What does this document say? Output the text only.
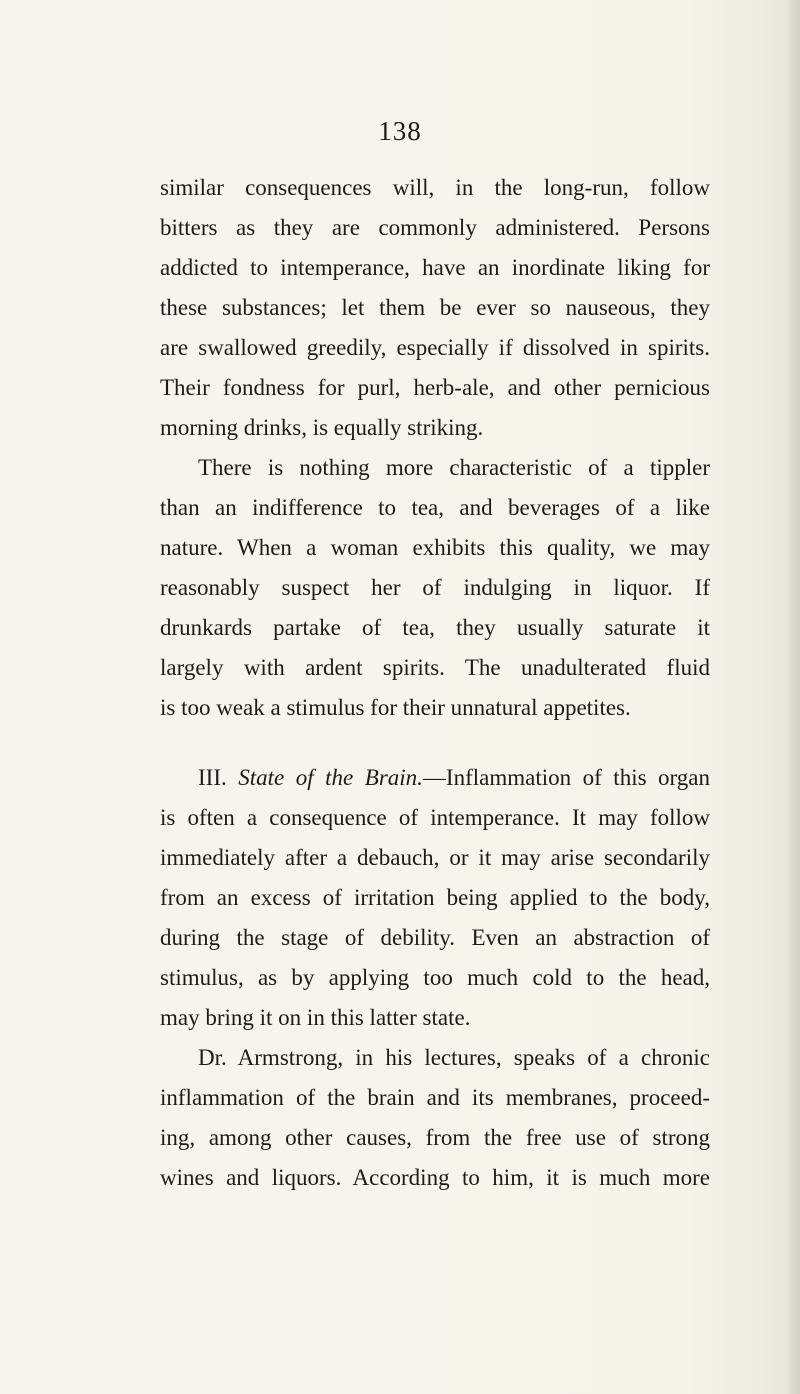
138
similar consequences will, in the long-run, follow
bitters as they are commonly administered. Persons
addicted to intemperance, have an inordinate liking for
these substances; let them be ever so nauseous, they
are swallowed greedily, especially if dissolved in spirits.
Their fondness for purl, herb-ale, and other pernicious
morning drinks, is equally striking.
There is nothing more characteristic of a tippler
than an indifference to tea, and beverages of a like
nature. When a woman exhibits this quality, we may
reasonably suspect her of indulging in liquor. If
drunkards partake of tea, they usually saturate it
largely with ardent spirits. The unadulterated fluid
is too weak a stimulus for their unnatural appetites.
III. State of the Brain.—Inflammation of this organ
is often a consequence of intemperance. It may follow
immediately after a debauch, or it may arise secondarily
from an excess of irritation being applied to the body,
during the stage of debility. Even an abstraction of
stimulus, as by applying too much cold to the head,
may bring it on in this latter state.
Dr. Armstrong, in his lectures, speaks of a chronic
inflammation of the brain and its membranes, proceed-
ing, among other causes, from the free use of strong
wines and liquors. According to him, it is much more
